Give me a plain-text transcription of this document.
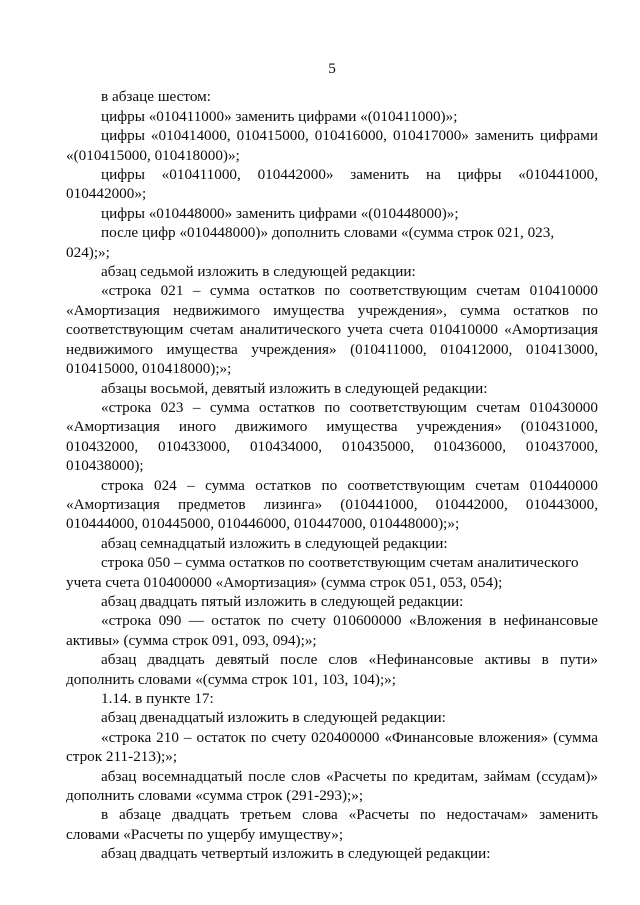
5

в абзаце шестом:

цифры «010411000» заменить цифрами «(010411000)»;

цифры «010414000, 010415000, 010416000, 010417000» заменить цифрами «(010415000, 010418000)»;

цифры «010411000, 010442000» заменить на цифры «010441000, 010442000»;

цифры «010448000» заменить цифрами «(010448000)»;

после цифр «010448000)» дополнить словами «(сумма строк 021, 023, 024);»;

абзац седьмой изложить в следующей редакции:

«строка 021 – сумма остатков по соответствующим счетам 010410000 «Амортизация недвижимого имущества учреждения», сумма остатков по соответствующим счетам аналитического учета счета 010410000 «Амортизация недвижимого имущества учреждения» (010411000, 010412000, 010413000, 010415000, 010418000);»;

абзацы восьмой, девятый изложить в следующей редакции:

«строка 023 – сумма остатков по соответствующим счетам 010430000 «Амортизация иного движимого имущества учреждения» (010431000, 010432000, 010433000, 010434000, 010435000, 010436000, 010437000, 010438000);

строка 024 – сумма остатков по соответствующим счетам 010440000 «Амортизация предметов лизинга» (010441000, 010442000, 010443000, 010444000, 010445000, 010446000, 010447000, 010448000);»;

абзац семнадцатый изложить в следующей редакции:

строка 050 – сумма остатков по соответствующим счетам аналитического учета счета 010400000 «Амортизация» (сумма строк 051, 053, 054);

абзац двадцать пятый изложить в следующей редакции:

«строка 090 — остаток по счету 010600000 «Вложения в нефинансовые активы» (сумма строк 091, 093, 094);»;

абзац двадцать девятый после слов «Нефинансовые активы в пути» дополнить словами «(сумма строк 101, 103, 104);»;

1.14. в пункте 17:

абзац двенадцатый изложить в следующей редакции:

«строка 210 – остаток по счету 020400000 «Финансовые вложения» (сумма строк 211-213);»;

абзац восемнадцатый после слов «Расчеты по кредитам, займам (ссудам)» дополнить словами «сумма строк (291-293);»;

в абзаце двадцать третьем слова «Расчеты по недостачам» заменить словами «Расчеты по ущербу имуществу»;

абзац двадцать четвертый изложить в следующей редакции:
